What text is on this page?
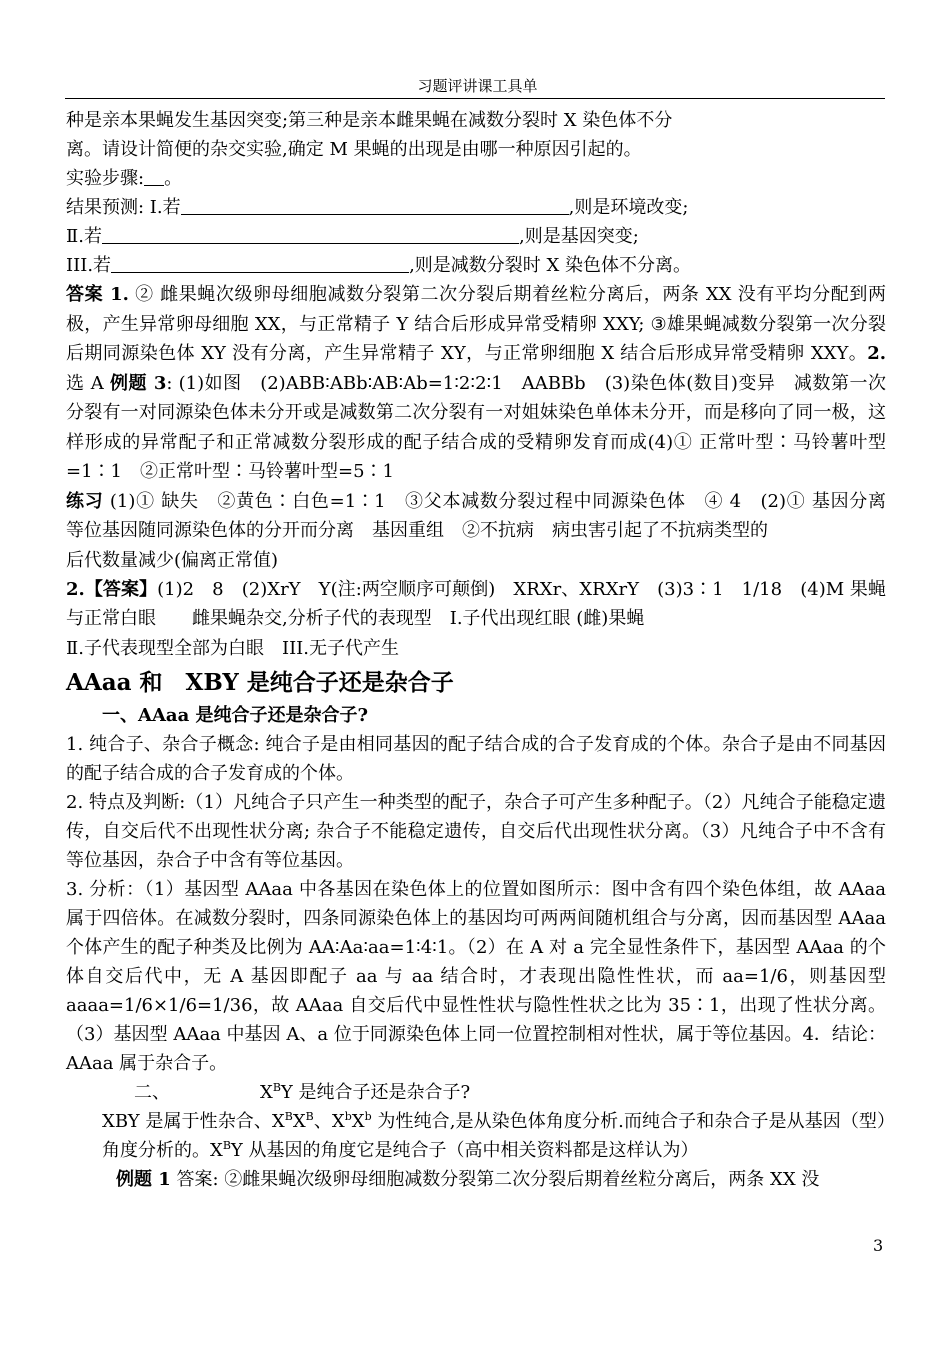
习题评讲课工具单

种是亲本果蝇发生基因突变;第三种是亲本雌果蝇在减数分裂时 X 染色体不分

离。请设计简便的杂交实验,确定 M 果蝇的出现是由哪一种原因引起的。

实验步骤: 。

结果预测: Ⅰ.若	,则是环境改变;

Ⅱ.若	,则是基因突变;

III.若	,则是减数分裂时 X 染色体不分离。

答案 1. ② 雌果蝇次级卵母细胞减数分裂第二次分裂后期着丝粒分离后，两条 XX 没有平均分配到两极，产生异常卵母细胞 XX，与正常精子 Y 结合后形成异常受精卵 XXY; ③雄果蝇减数分裂第一次分裂后期同源染色体 XY 没有分离，产生异常精子 XY，与正常卵细胞 X 结合后形成异常受精卵 XXY。2. 选 A 例题 3: (1)如图　(2)ABB∶ABb∶AB∶Ab=1∶2∶2∶1　AABBb　(3)染色体(数目)变异　减数第一次分裂有一对同源染色体未分开或是减数第二次分裂有一对姐妹染色单体未分开，而是移向了同一极，这样形成的异常配子和正常减数分裂形成的配子结合成的受精卵发育而成(4)① 正常叶型∶马铃薯叶型=1∶1　②正常叶型∶马铃薯叶型=5∶1

练习 (1)① 缺失　②黄色∶白色=1∶1　③父本减数分裂过程中同源染色体　④ 4　(2)① 基因分离　等位基因随同源染色体的分开而分离　基因重组　②不抗病　病虫害引起了不抗病类型的

后代数量减少(偏离正常值)

2.【答案】(1)2　8　(2)XrY　Y(注:两空顺序可颠倒)　XRXr、XRXrY　(3)3∶1　1/18　(4)M 果蝇与正常白眼　　雌果蝇杂交,分析子代的表现型　Ⅰ.子代出现红眼 (雌)果蝇

Ⅱ.子代表现型全部为白眼　III.无子代产生

AAaa 和　XBY 是纯合子还是杂合子

一、AAaa 是纯合子还是杂合子?

1. 纯合子、杂合子概念: 纯合子是由相同基因的配子结合成的合子发育成的个体。杂合子是由不同基因的配子结合成的合子发育成的个体。

2. 特点及判断:（1）凡纯合子只产生一种类型的配子，杂合子可产生多种配子。（2）凡纯合子能稳定遗传，自交后代不出现性状分离; 杂合子不能稳定遗传，自交后代出现性状分离。（3）凡纯合子中不含有等位基因，杂合子中含有等位基因。

3. 分析：（1）基因型 AAaa 中各基因在染色体上的位置如图所示：图中含有四个染色体组，故 AAaa 属于四倍体。在减数分裂时，四条同源染色体上的基因均可两两间随机组合与分离，因而基因型 AAaa 个体产生的配子种类及比例为 AA∶Aa∶aa=1∶4∶1。（2）在 A 对 a 完全显性条件下，基因型 AAaa 的个体自交后代中，无 A 基因即配子 aa 与 aa 结合时，才表现出隐性性状，而 aa=1/6，则基因型 aaaa=1/6×1/6=1/36，故 AAaa 自交后代中显性性状与隐性性状之比为 35∶1，出现了性状分离。（3）基因型 AAaa 中基因 A、a 位于同源染色体上同一位置控制相对性状，属于等位基因。4．结论：AAaa 属于杂合子。

二、	$X^BY$ 是纯合子还是杂合子?

XBY 是属于性杂合、$X^BX^B$、$X^bX^b$ 为性纯合,是从染色体角度分析.而纯合子和杂合子是从基因（型）角度分析的。$X^BY$ 从基因的角度它是纯合子（高中相关资料都是这样认为）

例题 1 答案: ②雌果蝇次级卵母细胞减数分裂第二次分裂后期着丝粒分离后，两条 XX 没

3
